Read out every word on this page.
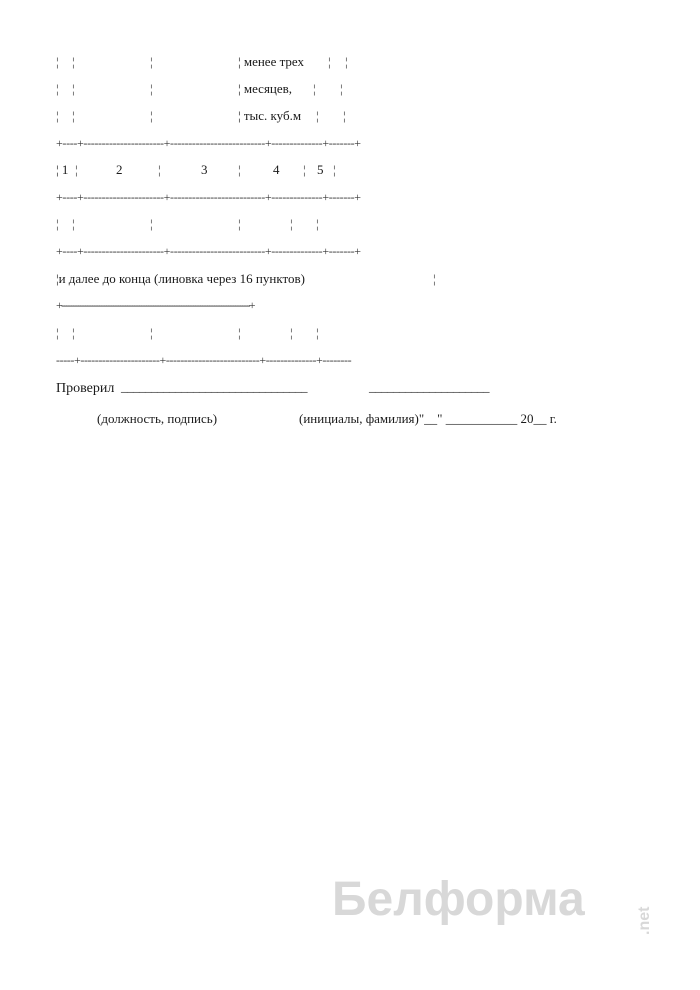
¦ ¦	¦	¦ менее трех ¦ ¦
¦ ¦	¦	¦ месяцев, ¦ ¦
¦ ¦	¦	¦ тыс. куб.м ¦ ¦
+----+----------------------+--------------------------+--------------+-------+
¦ 1 ¦	2	¦	3 ¦ 4 ¦ 5 ¦
+----+----------------------+--------------------------+--------------+-------+
¦ ¦	¦	¦	¦ ¦
+----+----------------------+--------------------------+--------------+-------+
¦и далее до конца (линовка через 16 пунктов)	¦
+--------------------------------------------------------------------------------+
¦ ¦	¦	¦	¦ ¦
-----+----------------------+--------------------------+--------------+--------
Проверил _______________________________	____________________
(должность, подпись)	(инициалы, фамилия)"__" ___________ 20__ г.
Белформа	.net
